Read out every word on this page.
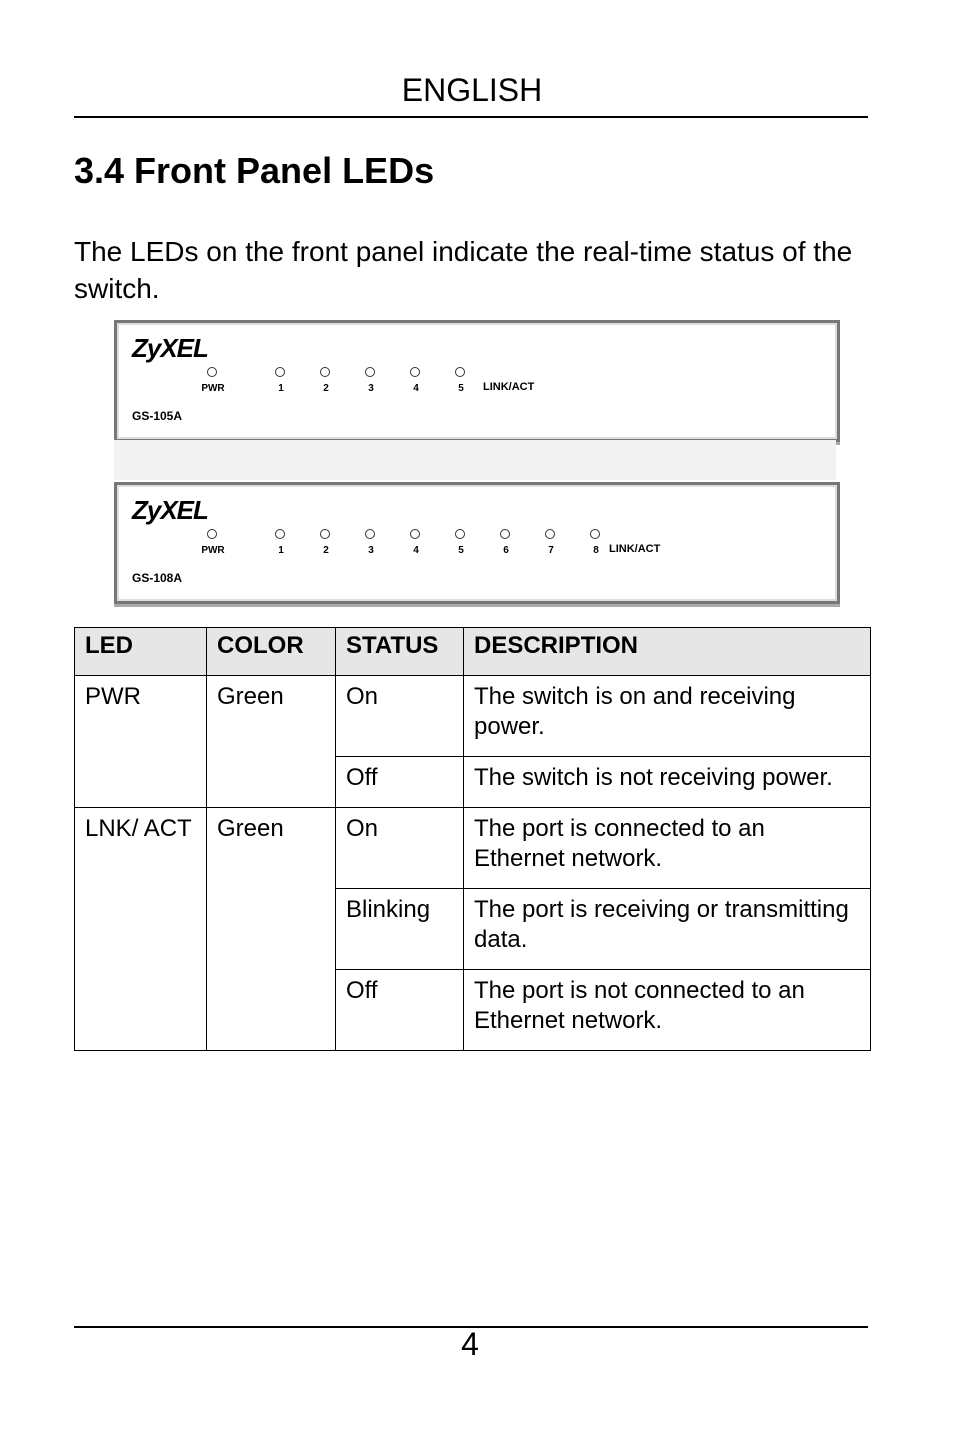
ENGLISH
3.4 Front Panel LEDs
The LEDs on the front panel indicate the real-time status of the switch.
ZyXEL
PWR	1	2	3	4	5 LINK/ACT
GS-105A
ZyXEL
PWR	1	2	3	4	5	6	7	8 LINK/ACT
GS-108A
LED	COLOR	STATUS	DESCRIPTION
PWR	Green	On	The switch is on and receiving power.
		Off	The switch is not receiving power.
LNK/ ACT	Green	On	The port is connected to an Ethernet network.
		Blinking	The port is receiving or transmitting data.
		Off	The port is not connected to an Ethernet network.
4
